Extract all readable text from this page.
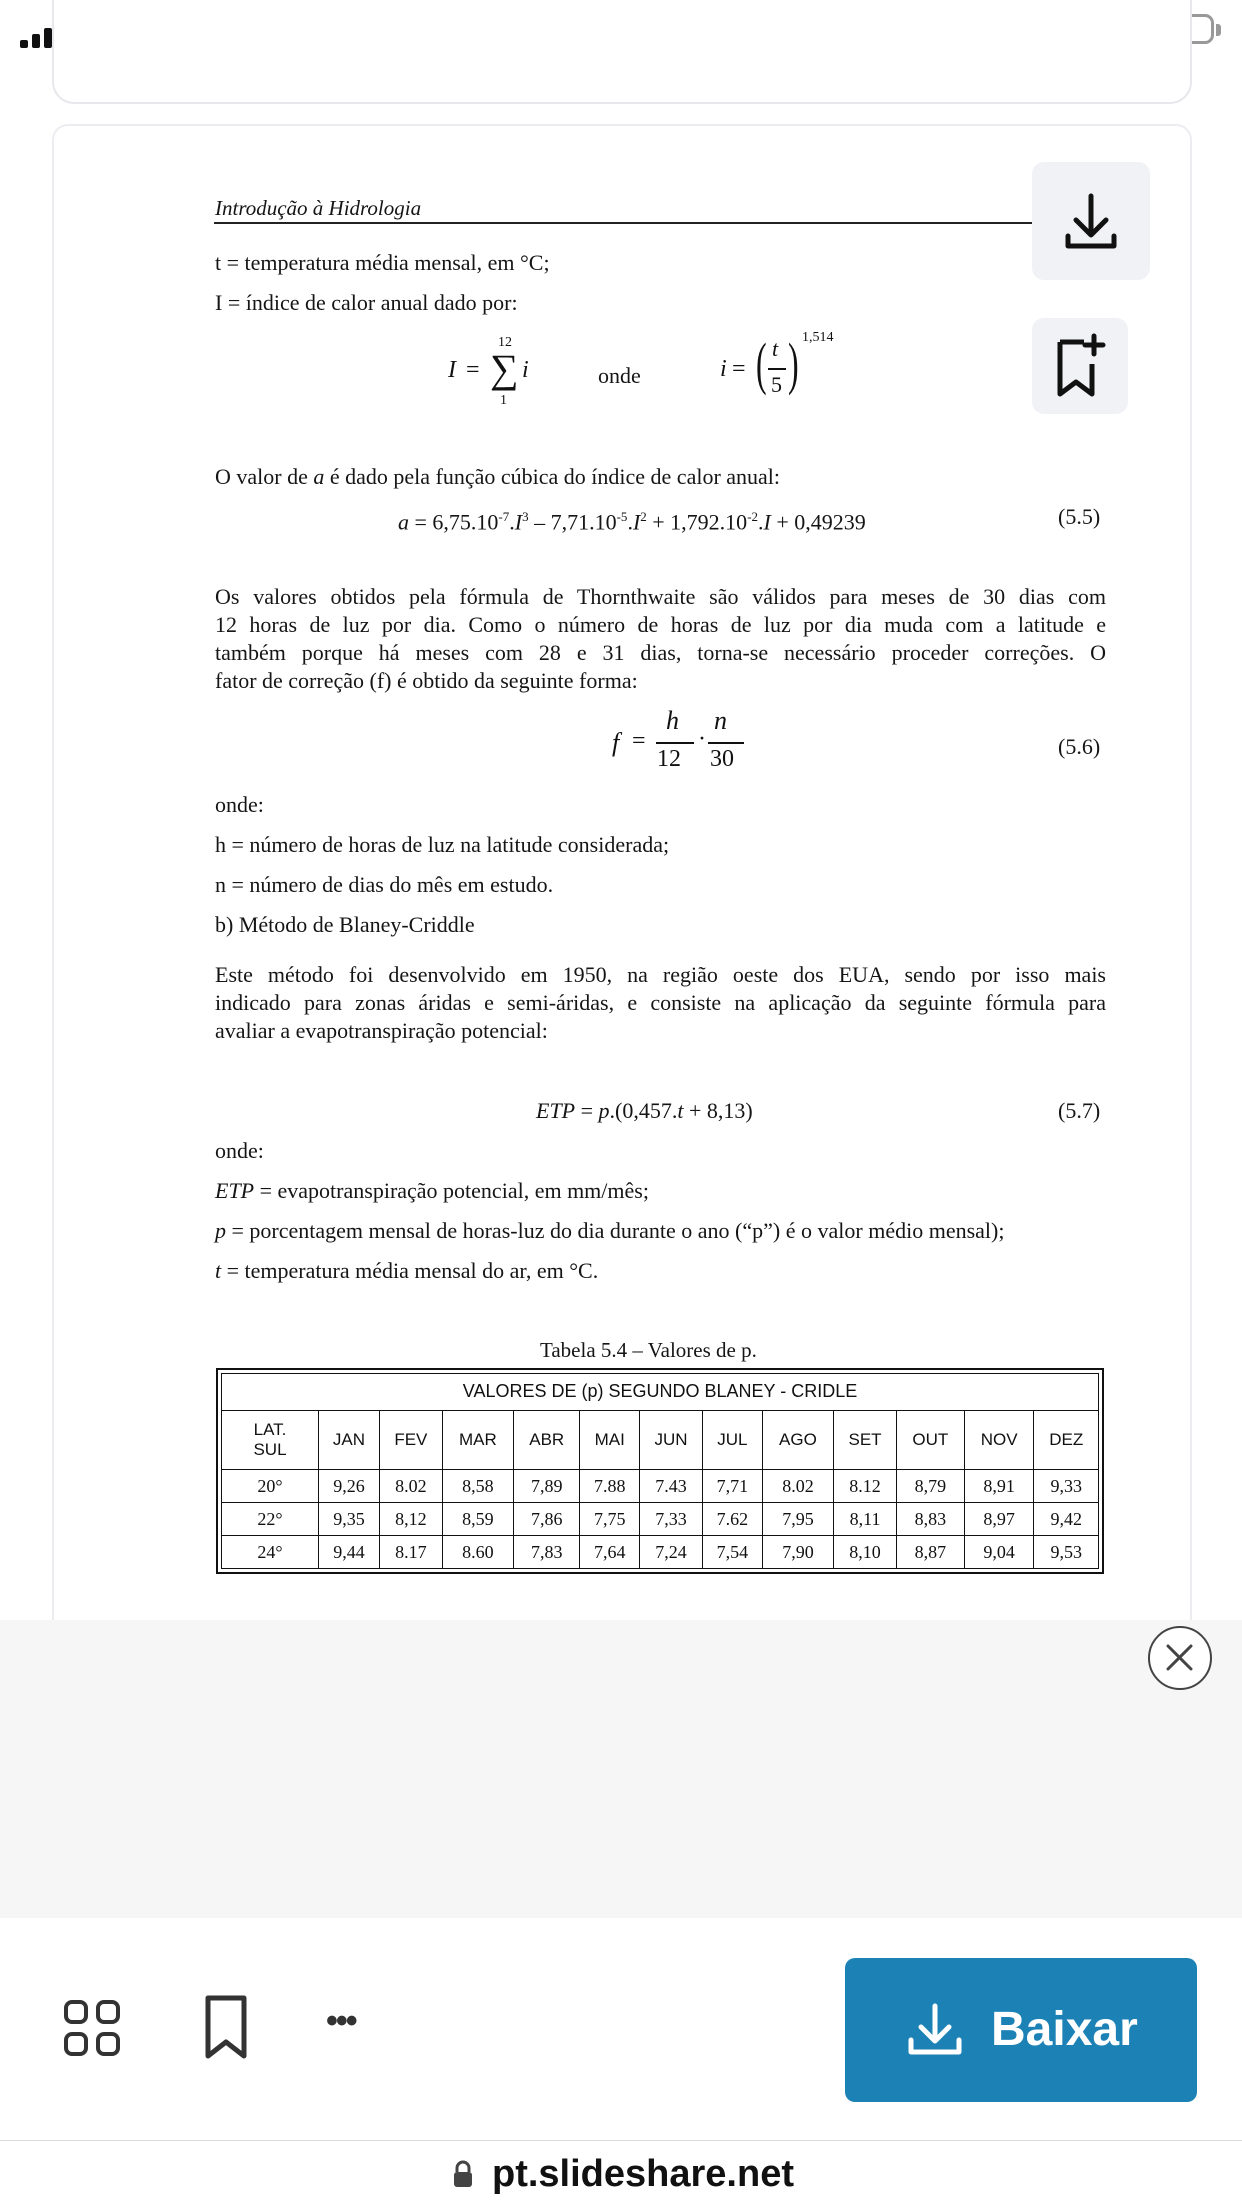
Introdução à Hidrologia
t = temperatura média mensal, em °C;
I = índice de calor anual dado por:
I =
12
∑ i
1
onde	i = ( t
5 ) 1,514
O valor de a é dado pela função cúbica do índice de calor anual:
$a = 6,75.10^{-7}.I^3 - 7,71.10^{-5}.I^2 + 1,792.10^{-2}.I + 0,49239$	(5.5)
Os valores obtidos pela fórmula de Thornthwaite são válidos para meses de 30 dias com
12 horas de luz por dia. Como o número de horas de luz por dia muda com a latitude e
também porque há meses com 28 e 31 dias, torna-se necessário proceder correções. O
fator de correção (f) é obtido da seguinte forma:
f =
h
12
·
n
30	(5.6)
onde:
h = número de horas de luz na latitude considerada;
n = número de dias do mês em estudo.
b) Método de Blaney-Criddle
Este método foi desenvolvido em 1950, na região oeste dos EUA, sendo por isso mais
indicado para zonas áridas e semi-áridas, e consiste na aplicação da seguinte fórmula para
avaliar a evapotranspiração potencial:
ETP = p.(0,457.t + 8,13)	(5.7)
onde:
ETP = evapotranspiração potencial, em mm/mês;
p = porcentagem mensal de horas-luz do dia durante o ano (“p”) é o valor médio mensal);
t = temperatura média mensal do ar, em °C.
Tabela 5.4 – Valores de p.
VALORES DE (p) SEGUNDO BLANEY - CRIDLE												
LAT.
SUL	JAN	FEV	MAR	ABR	MAI	JUN	JUL	AGO	SET	OUT	NOV	DEZ
20°	9,26	8.02	8,58	7,89	7.88	7.43	7,71	8.02	8.12	8,79	8,91	9,33
22°	9,35	8,12	8,59	7,86	7,75	7,33	7.62	7,95	8,11	8,83	8,97	9,42
24°	9,44	8.17	8.60	7,83	7,64	7,24	7,54	7,90	8,10	8,87	9,04	9,53
•••	Baixar
pt.slideshare.net
